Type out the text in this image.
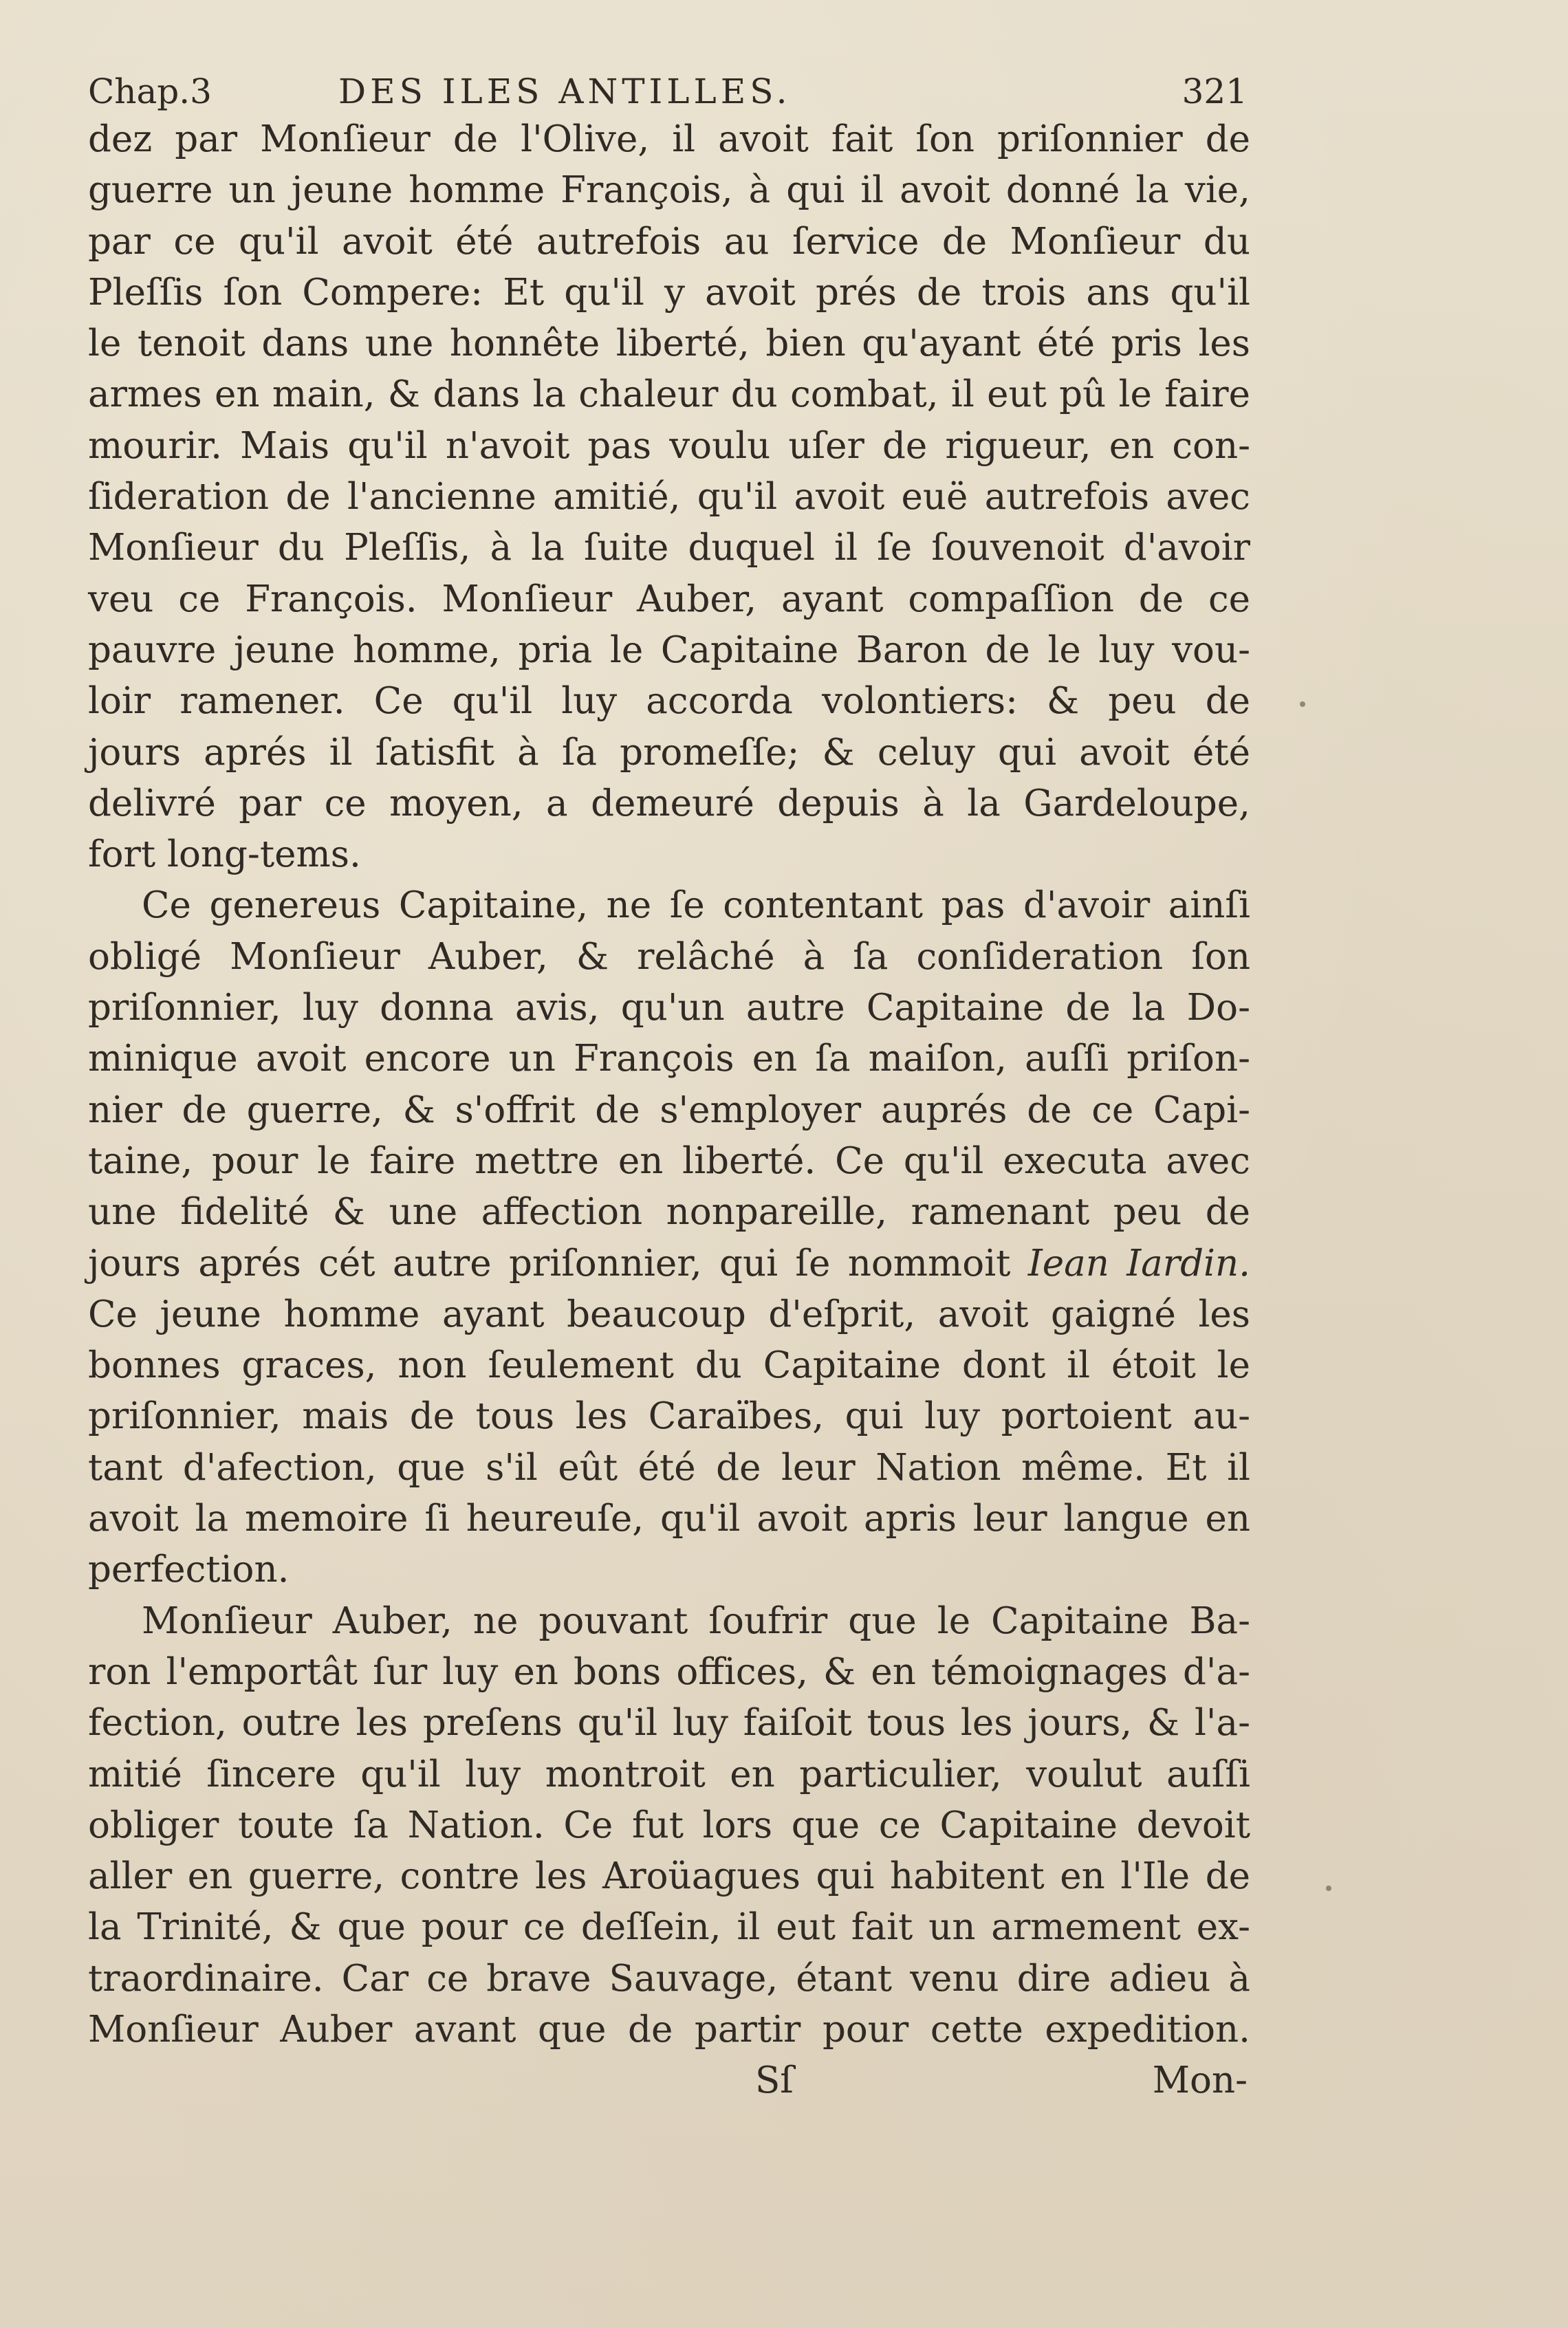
Chap.3	DES ILES ANTILLES.	321
dez par Monſieur de l'Olive, il avoit fait ſon priſonnier de
guerre un jeune homme François, à qui il avoit donné la vie,
par ce qu'il avoit été autrefois au ſervice de Monſieur du
Pleſſis ſon Compere: Et qu'il y avoit prés de trois ans qu'il
le tenoit dans une honnête liberté, bien qu'ayant été pris les
armes en main, & dans la chaleur du combat, il eut pû le faire
mourir. Mais qu'il n'avoit pas voulu uſer de rigueur, en con-
ſideration de l'ancienne amitié, qu'il avoit euë autrefois avec
Monſieur du Pleſſis, à la ſuite duquel il ſe ſouvenoit d'avoir
veu ce François. Monſieur Auber, ayant compaſſion de ce
pauvre jeune homme, pria le Capitaine Baron de le luy vou-
loir ramener. Ce qu'il luy accorda volontiers: & peu de
jours aprés il ſatisfit à ſa promeſſe; & celuy qui avoit été
delivré par ce moyen, a demeuré depuis à la Gardeloupe,
fort long-tems.
Ce genereus Capitaine, ne ſe contentant pas d'avoir ainſi
obligé Monſieur Auber, & relâché à ſa conſideration ſon
priſonnier, luy donna avis, qu'un autre Capitaine de la Do-
minique avoit encore un François en ſa maiſon, auſſi priſon-
nier de guerre, & s'offrit de s'employer auprés de ce Capi-
taine, pour le faire mettre en liberté. Ce qu'il executa avec
une fidelité & une affection nonpareille, ramenant peu de
jours aprés cét autre priſonnier, qui ſe nommoit Iean Iardin.
Ce jeune homme ayant beaucoup d'eſprit, avoit gaigné les
bonnes graces, non ſeulement du Capitaine dont il étoit le
priſonnier, mais de tous les Caraïbes, qui luy portoient au-
tant d'afection, que s'il eût été de leur Nation même. Et il
avoit la memoire ſi heureuſe, qu'il avoit apris leur langue en
perfection.
Monſieur Auber, ne pouvant ſoufrir que le Capitaine Ba-
ron l'emportât ſur luy en bons offices, & en témoignages d'a-
fection, outre les preſens qu'il luy faiſoit tous les jours, & l'a-
mitié ſincere qu'il luy montroit en particulier, voulut auſſi
obliger toute ſa Nation. Ce fut lors que ce Capitaine devoit
aller en guerre, contre les Aroüagues qui habitent en l'Ile de
la Trinité, & que pour ce deſſein, il eut fait un armement ex-
traordinaire. Car ce brave Sauvage, étant venu dire adieu à
Monſieur Auber avant que de partir pour cette expedition.
Sſ	Mon-
